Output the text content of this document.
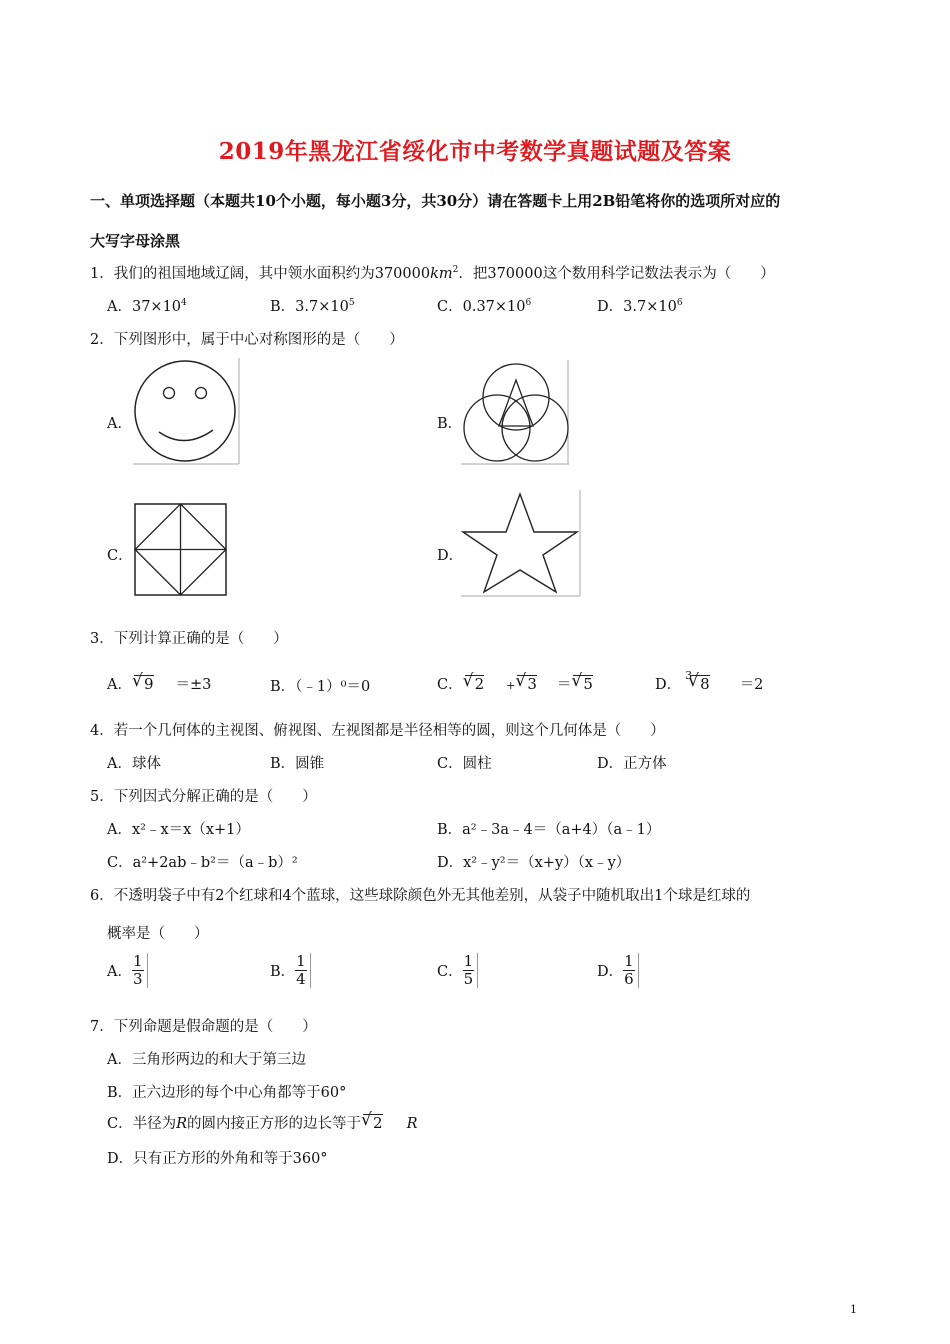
2019年黑龙江省绥化市中考数学真题试题及答案
一、单项选择题（本题共10个小题，每小题3分，共30分）请在答题卡上用2B铅笔将你的选项所对应的
大写字母涂黑
1．我们的祖国地域辽阔，其中领水面积约为$370000km^2$．把370000这个数用科学记数法表示为（　　）
A．$37\times 10^4$	B．$3.7\times 10^5$	C．$0.37\times 10^6$	D．$3.7\times 10^6$
2．下列图形中，属于中心对称图形的是（　　）
A．	B．
C．	D．
3．下列计算正确的是（　　）
A． √ 9 ＝±3	B．（﹣1）⁰＝0	C． √ 2 + √ 3 ＝ √ 5	D．$^3$ √ 8 ＝2
4．若一个几何体的主视图、俯视图、左视图都是半径相等的圆，则这个几何体是（　　）
A．球体	B．圆锥	C．圆柱	D．正方体
5．下列因式分解正确的是（　　）
A．x²﹣x＝x（x+1）	B．a²﹣3a﹣4＝（a+4）（a﹣1）
C．a²+2ab﹣b²＝（a﹣b）²	D．x²﹣y²＝（x+y）（x﹣y）
6．不透明袋子中有2个红球和4个蓝球，这些球除颜色外无其他差别，从袋子中随机取出1个球是红球的
概率是（　　）
A． $\frac{1}{3}$	B． $\frac{1}{4}$	C． $\frac{1}{5}$	D． $\frac{1}{6}$
7．下列命题是假命题的是（　　）
A．三角形两边的和大于第三边
B．正六边形的每个中心角都等于60°
C．半径为R的圆内接正方形的边长等于 √ 2 R
D．只有正方形的外角和等于360°
1
